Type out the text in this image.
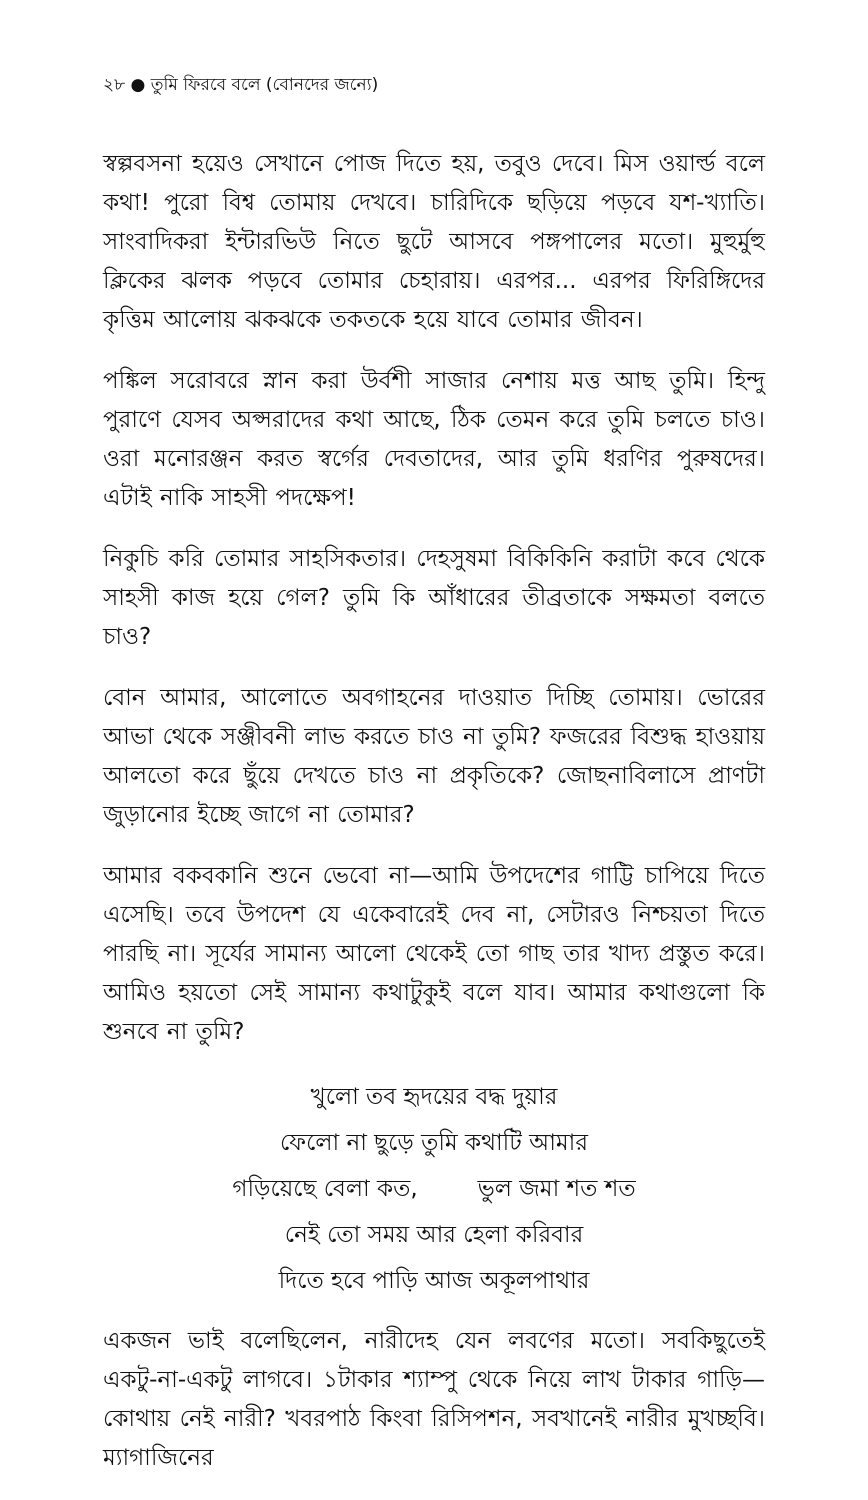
২৮ ● তুমি ফিরবে বলে (বোনদের জন্যে)

স্বল্পবসনা হয়েও সেখানে পোজ দিতে হয়, তবুও দেবে। মিস ওয়ার্ল্ড বলে কথা! পুরো বিশ্ব তোমায় দেখবে। চারিদিকে ছড়িয়ে পড়বে যশ-খ্যাতি। সাংবাদিকরা ইন্টারভিউ নিতে ছুটে আসবে পঙ্গপালের মতো। মুহুর্মুহু ক্লিকের ঝলক পড়বে তোমার চেহারায়। এরপর... এরপর ফিরিঙ্গিদের কৃত্তিম আলোয় ঝকঝকে তকতকে হয়ে যাবে তোমার জীবন।

পঙ্কিল সরোবরে স্নান করা উর্বশী সাজার নেশায় মত্ত আছ তুমি। হিন্দু পুরাণে যেসব অপ্সরাদের কথা আছে, ঠিক তেমন করে তুমি চলতে চাও। ওরা মনোরঞ্জন করত স্বর্গের দেবতাদের, আর তুমি ধরণির পুরুষদের। এটাই নাকি সাহসী পদক্ষেপ!

নিকুচি করি তোমার সাহসিকতার। দেহসুষমা বিকিকিনি করাটা কবে থেকে সাহসী কাজ হয়ে গেল? তুমি কি আঁধারের তীব্রতাকে সক্ষমতা বলতে চাও?

বোন আমার, আলোতে অবগাহনের দাওয়াত দিচ্ছি তোমায়। ভোরের আভা থেকে সঞ্জীবনী লাভ করতে চাও না তুমি? ফজরের বিশুদ্ধ হাওয়ায় আলতো করে ছুঁয়ে দেখতে চাও না প্রকৃতিকে? জোছনাবিলাসে প্রাণটা জুড়ানোর ইচ্ছে জাগে না তোমার?

আমার বকবকানি শুনে ভেবো না—আমি উপদেশের গাট্টি চাপিয়ে দিতে এসেছি। তবে উপদেশ যে একেবারেই দেব না, সেটারও নিশ্চয়তা দিতে পারছি না। সূর্যের সামান্য আলো থেকেই তো গাছ তার খাদ্য প্রস্তুত করে। আমিও হয়তো সেই সামান্য কথাটুকুই বলে যাব। আমার কথাগুলো কি শুনবে না তুমি?

খুলো তব হৃদয়ের বদ্ধ দুয়ার
ফেলো না ছুড়ে তুমি কথাটি আমার
গড়িয়েছে বেলা কত,	ভুল জমা শত শত
নেই তো সময় আর হেলা করিবার
দিতে হবে পাড়ি আজ অকূলপাথার

একজন ভাই বলেছিলেন, নারীদেহ যেন লবণের মতো। সবকিছুতেই একটু-না-একটু লাগবে। ১টাকার শ্যাম্পু থেকে নিয়ে লাখ টাকার গাড়ি—কোথায় নেই নারী? খবরপাঠ কিংবা রিসিপশন, সবখানেই নারীর মুখচ্ছবি। ম্যাগাজিনের
